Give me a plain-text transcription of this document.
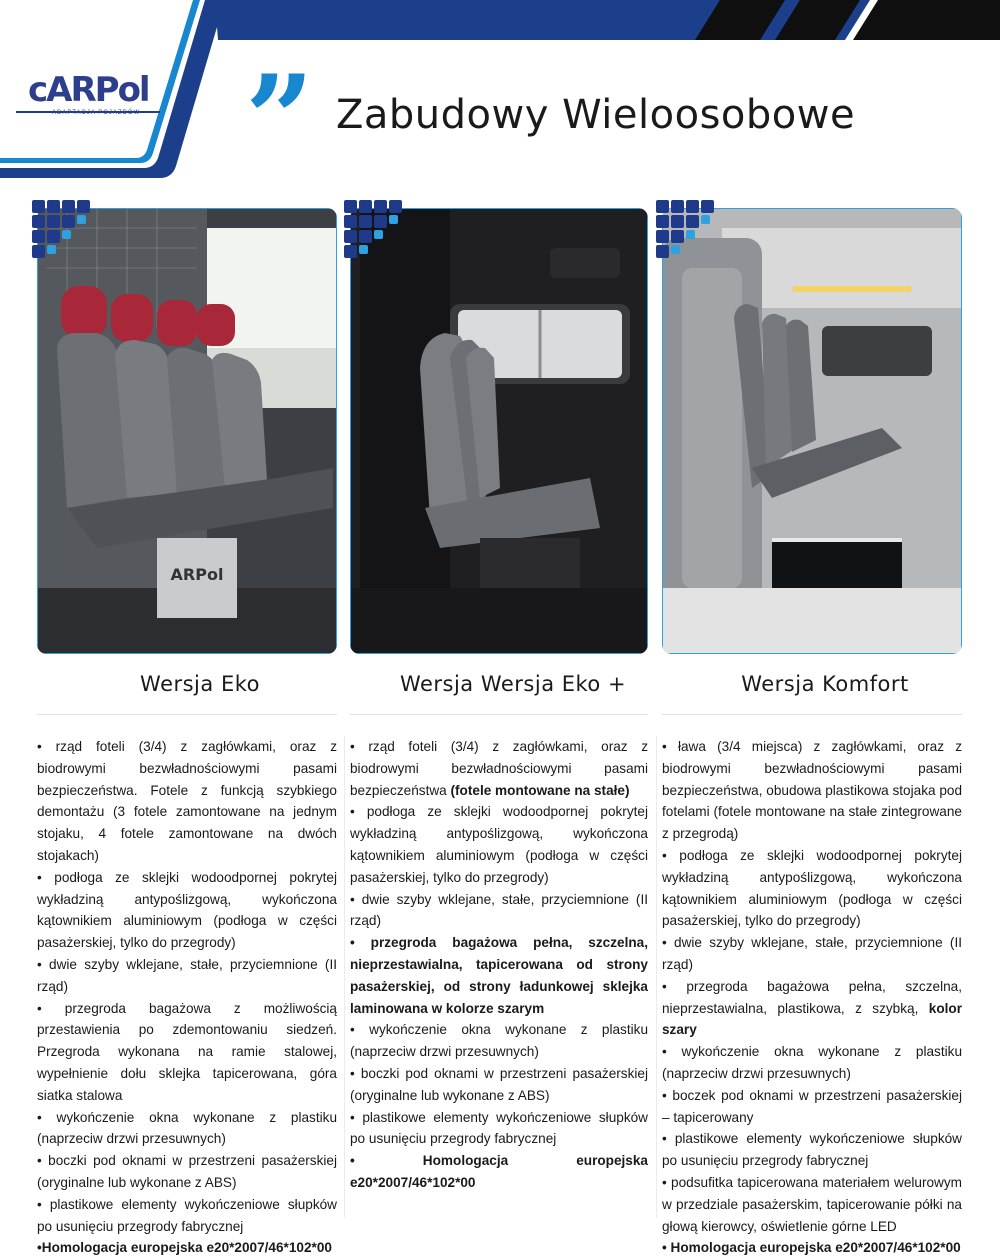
cARPol
ADAPTACJA POJAZDÓW ” Zabudowy Wieloosobowe
ARPol
Wersja Eko	Wersja Wersja Eko +	Wersja Komfort

• rząd foteli (3/4) z zagłówkami, oraz z biodrowymi bezwładnościowymi pasami bezpieczeństwa. Fotele z funkcją szybkiego demontażu (3 fotele zamontowane na jednym stojaku, 4 fotele zamontowane na dwóch stojakach)

• podłoga ze sklejki wodoodpornej pokrytej wykładziną antypoślizgową, wykończona kątownikiem aluminiowym (podłoga w części pasażerskiej, tylko do przegrody)

• dwie szyby wklejane, stałe, przyciemnione (II rząd)

• przegroda bagażowa z możliwością przestawienia po zdemontowaniu siedzeń. Przegroda wykonana na ramie stalowej, wypełnienie dołu sklejka tapicerowana, góra siatka stalowa

• wykończenie okna wykonane z plastiku (naprzeciw drzwi przesuwnych)

• boczki pod oknami w przestrzeni pasażerskiej (oryginalne lub wykonane z ABS)

• plastikowe elementy wykończeniowe słupków po usunięciu przegrody fabrycznej

•Homologacja europejska e20*2007/46*102*00

• rząd foteli (3/4) z zagłówkami, oraz z biodrowymi bezwładnościowymi pasami bezpieczeństwa (fotele montowane na stałe)

• podłoga ze sklejki wodoodpornej pokrytej wykładziną antypoślizgową, wykończona kątownikiem aluminiowym (podłoga w części pasażerskiej, tylko do przegrody)

• dwie szyby wklejane, stałe, przyciemnione (II rząd)

• przegroda bagażowa pełna, szczelna, nieprzestawialna, tapicerowana od strony pasażerskiej, od strony ładunkowej sklejka laminowana w kolorze szarym

• wykończenie okna wykonane z plastiku (naprzeciw drzwi przesuwnych)

• boczki pod oknami w przestrzeni pasażerskiej (oryginalne lub wykonane z ABS)

• plastikowe elementy wykończeniowe słupków po usunięciu przegrody fabrycznej

• Homologacja europejska e20*2007/46*102*00

• ława (3/4 miejsca) z zagłówkami, oraz z biodrowymi bezwładnościowymi pasami bezpieczeństwa, obudowa plastikowa stojaka pod fotelami (fotele montowane na stałe zintegrowane z przegrodą)

• podłoga ze sklejki wodoodpornej pokrytej wykładziną antypoślizgową, wykończona kątownikiem aluminiowym (podłoga w części pasażerskiej, tylko do przegrody)

• dwie szyby wklejane, stałe, przyciemnione (II rząd)

• przegroda bagażowa pełna, szczelna, nieprzestawialna, plastikowa, z szybką, kolor szary

• wykończenie okna wykonane z plastiku (naprzeciw drzwi przesuwnych)

• boczek pod oknami w przestrzeni pasażerskiej – tapicerowany

• plastikowe elementy wykończeniowe słupków po usunięciu przegrody fabrycznej

• podsufitka tapicerowana materiałem welurowym w przedziale pasażerskim, tapicerowanie półki na głową kierowcy, oświetlenie górne LED

• Homologacja europejska e20*2007/46*102*00
